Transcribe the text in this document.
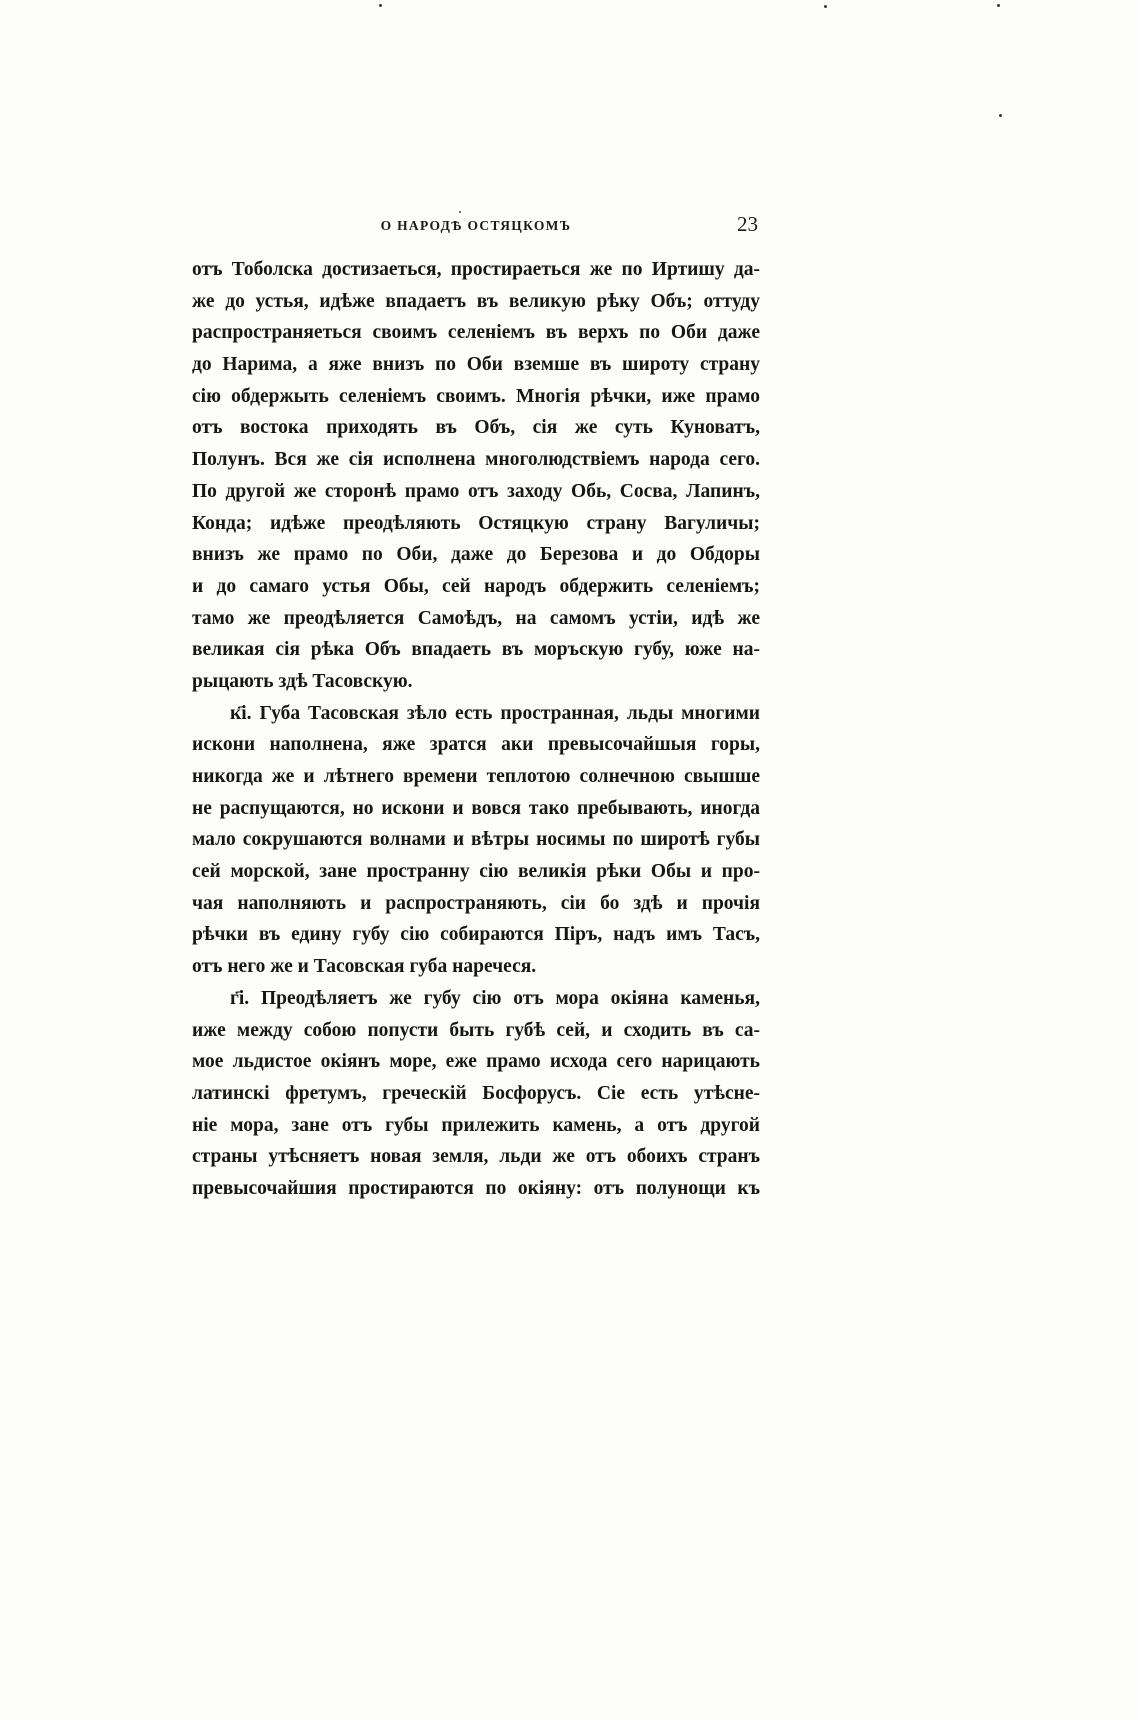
О НАРОДѢ ОСТЯЦКОМЪ	23
отъ Тоболска достизаеться, простираеться же по Иртишу да-
же до устья, идѣже впадаетъ въ великую рѣку Объ; оттуду
распространяеться своимъ селеніемъ въ верхъ по Оби даже
до Нарима, а яже внизъ по Оби вземше въ широту страну
сію обдержыть селеніемъ своимъ. Многія рѣчки, иже прамо
отъ востока приходять въ Объ, сія же суть Куноватъ,
Полунъ. Вся же сія исполнена многолюдствіемъ народа сего.
По другой же сторонѣ прамо отъ заходу Обь, Сосва, Лапинъ,
Конда; идѣже преодѣляють Остяцкую страну Вагуличы;
внизъ же прамо по Оби, даже до Березова и до Обдоры
и до самаго устья Обы, сей народъ обдержить селеніемъ;
тамо же преодѣляется Самоѣдъ, на самомъ устіи, идѣ же
великая сія рѣка Объ впадаеть въ моръскую губу, юже на-
рыцають здѣ Тасовскую.
к҃і. Губа Тасовская зѣло есть пространная, льды многими
искони наполнена, яже зратся аки превысочайшыя горы,
никогда же и лѣтнего времени теплотою солнечною свышше
не распущаются, но искони и вовся тако пребывають, иногда
мало сокрушаются волнами и вѣтры носимы по широтѣ губы
сей морской, зане пространну сію великія рѣки Обы и про-
чая наполняють и распространяють, сіи бо здѣ и прочія
рѣчки въ едину губу сію собираются Піръ, надъ имъ Тасъ,
отъ него же и Тасовская губа наречеся.
г҃і. Преодѣляетъ же губу сію отъ мора окіяна каменья,
иже между собою попусти быть губѣ сей, и сходить въ са-
мое льдистое окіянъ море, еже прамо исхода сего нарицають
латинскі фретумъ, греческій Босфорусъ. Сіе есть утѣсне-
ніе мора, зане отъ губы прилежить камень, а отъ другой
страны утѣсняетъ новая земля, льди же отъ обоихъ странъ
превысочайшия простираются по окіяну: отъ полунощи къ
